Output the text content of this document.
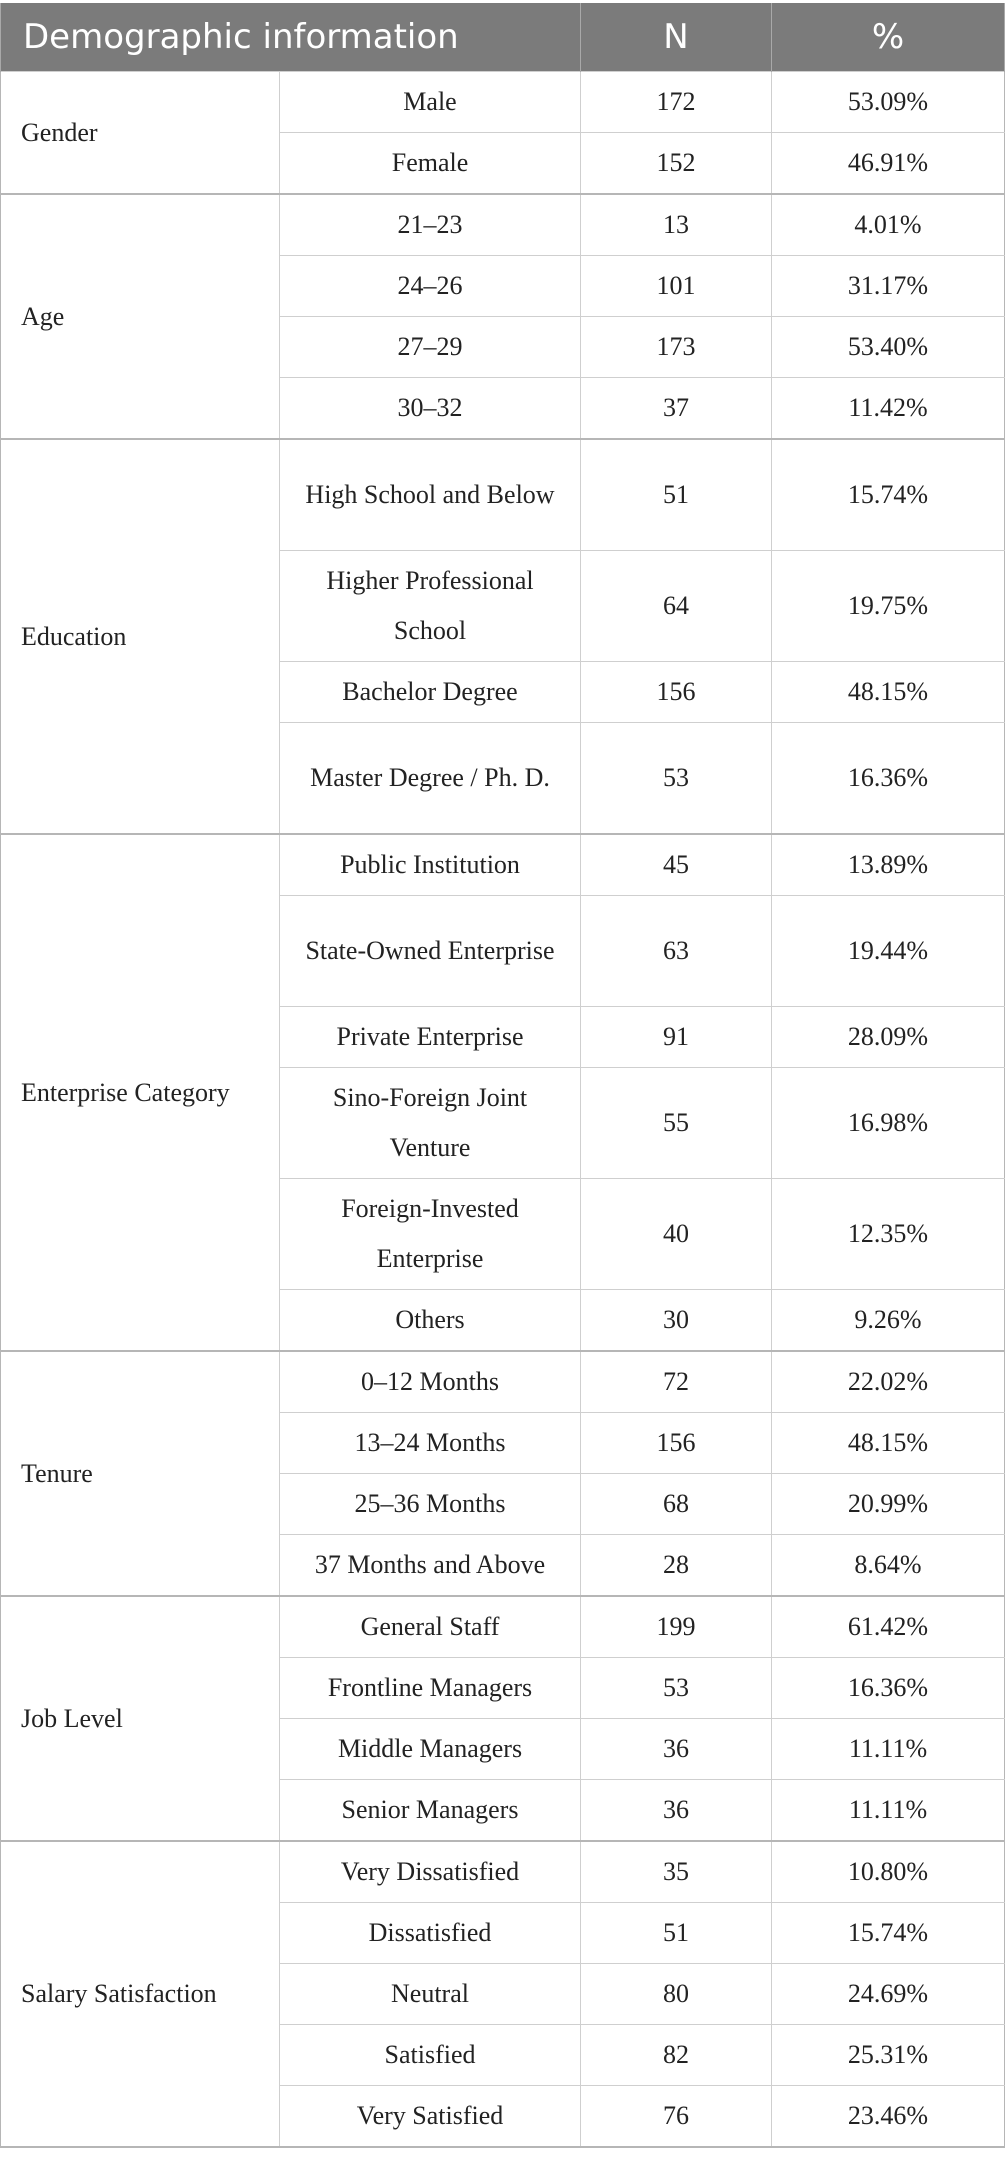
Demographic information		N	%
Gender	Male	172	53.09%
	Female	152	46.91%
Age	21–23	13	4.01%
	24–26	101	31.17%
	27–29	173	53.40%
	30–32	37	11.42%
Education	High School and Below	51	15.74%
	Higher Professional School	64	19.75%
	Bachelor Degree	156	48.15%
	Master Degree / Ph. D.	53	16.36%
Enterprise Category	Public Institution	45	13.89%
	State-Owned Enterprise	63	19.44%
	Private Enterprise	91	28.09%
	Sino-Foreign Joint Venture	55	16.98%
	Foreign-Invested Enterprise	40	12.35%
	Others	30	9.26%
Tenure	0–12 Months	72	22.02%
	13–24 Months	156	48.15%
	25–36 Months	68	20.99%
	37 Months and Above	28	8.64%
Job Level	General Staff	199	61.42%
	Frontline Managers	53	16.36%
	Middle Managers	36	11.11%
	Senior Managers	36	11.11%
Salary Satisfaction	Very Dissatisfied	35	10.80%
	Dissatisfied	51	15.74%
	Neutral	80	24.69%
	Satisfied	82	25.31%
	Very Satisfied	76	23.46%
